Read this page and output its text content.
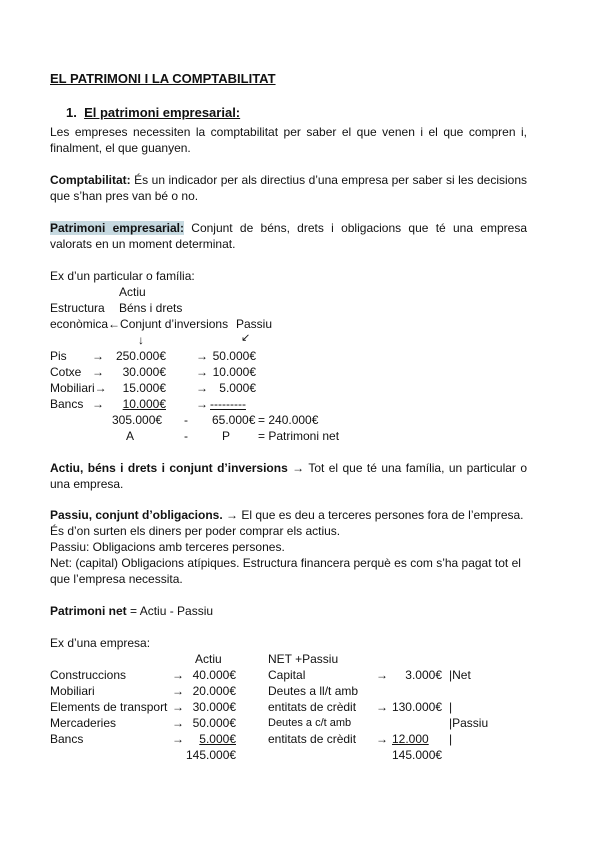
EL PATRIMONI I LA COMPTABILITAT
1. El patrimoni empresarial:
Les empreses necessiten la comptabilitat per saber el que venen i el que compren i, finalment, el que guanyen.
Comptabilitat: És un indicador per als directius d’una empresa per saber si les decisions que s’han pres van bé o no.
Patrimoni empresarial: Conjunt de béns, drets i obligacions que té una empresa valorats en un moment determinat.
Ex d’un particular o família:
Actiu
Estructura Béns i drets
econòmica←Conjunt d’inversions Passiu
↓	↙
Pis → 250.000€	→ 50.000€
Cotxe →	30.000€	→ 10.000€
Mobiliari→	15.000€	→ 5.000€
Bancs →	10.000€	→ ---------
305.000€ - 65.000€ = 240.000€
A	-	P = Patrimoni net
Actiu, béns i drets i conjunt d’inversions → Tot el que té una família, un particular o una empresa.
Passiu, conjunt d’obligacions. → El que es deu a terceres persones fora de l’empresa. És d’on surten els diners per poder comprar els actius.
Passiu: Obligacions amb terceres persones.
Net: (capital) Obligacions atípiques. Estructura financera perquè es com s’ha pagat tot el que l’empresa necessita.
Patrimoni net = Actiu - Passiu
Ex d’una empresa:
Actiu	NET +Passiu
Construccions	→ 40.000€	Capital	→	3.000€ |Net
Mobiliari	→ 20.000€	Deutes a ll/t amb
Elements de transport → 30.000€	entitats de crèdit → 130.000€ |
Mercaderies	→ 50.000€	Deutes a c/t amb	|Passiu
Bancs	→	5.000€	entitats de crèdit → 12.000	|
145.000€	145.000€
